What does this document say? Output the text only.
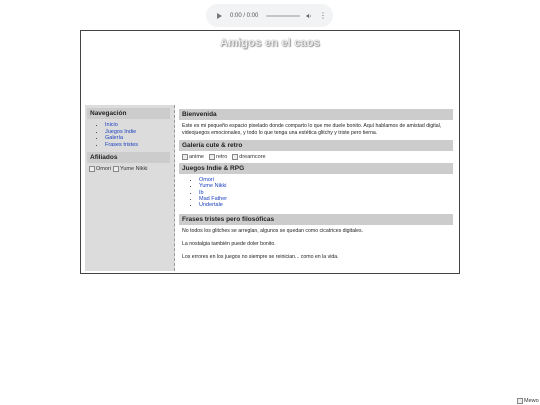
0:00 / 0:00	⋮
Amigos en el caos
Navegación
• Inicio
• Juegos Indie
• Galería
• Frases tristes
Afiliados
Omori	Yume Nikki
Bienvenida

Este es mi pequeño espacio pixelado donde comparto lo que me duele bonito. Aquí hablamos de amistad digital, videojuegos emocionales, y todo lo que tenga una estética glitchy y triste pero tierna.

Galería cute & retro
anime	retro	dreamcore
Juegos Indie & RPG
• Omori
• Yume Nikki
• Ib
• Mad Father
• Undertale
Frases tristes pero filosóficas

No todos los glitches se arreglan, algunos se quedan como cicatrices digitales.

La nostalgia también puede doler bonito.

Los errores en los juegos no siempre se reinician... como en la vida.

Mewo
